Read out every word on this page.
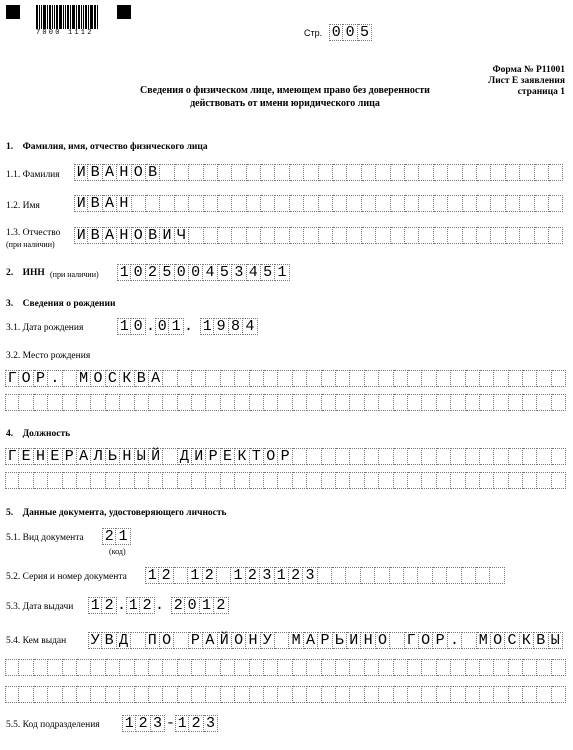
7000 1112	Стр. 0 0 5
Форма № Р11001
Лист Е заявления
страница 1
Сведения о физическом лице, имеющем право без доверенности
действовать от имени юридического лица
1.    Фамилия, имя, отчество физического лица
1.1. Фамилия И В А Н О В
1.2. Имя И В А Н
1.3. Отчество
(при наличии)
И В А Н О В И Ч
2.    ИНН (при наличии) 1 0 2 5 0 0 4 5 3 4 5 1
3.    Сведения о рождении
3.1. Дата рождения 1 0 . 0 1 . 1 9 8 4
3.2. Место рождения
Г О Р . М О С К В А
4.    Должность
Г Е Н Е Р А Л Ь Н Ы Й Д И Р Е К Т О Р
5.    Данные документа, удостоверяющего личность
5.1. Вид документа 2 1
(код)
5.2. Серия и номер документа 1 2 1 2 1 2 3 1 2 3
5.3. Дата выдачи 1 2 . 1 2 . 2 0 1 2
5.4. Кем выдан У В Д П О Р А Й О Н У М А Р Ь И Н О Г О Р . М О С К В Ы
5.5. Код подразделения 1 2 3 - 1 2 3
